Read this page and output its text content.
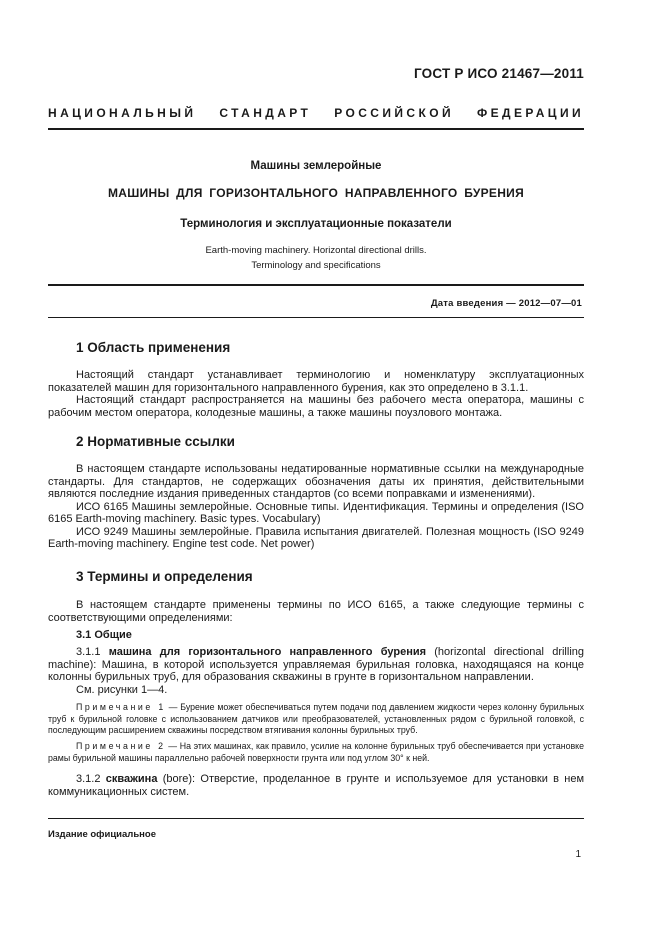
ГОСТ Р ИСО 21467—2011
НАЦИОНАЛЬНЫЙ СТАНДАРТ РОССИЙСКОЙ ФЕДЕРАЦИИ
Машины землеройные
МАШИНЫ ДЛЯ ГОРИЗОНТАЛЬНОГО НАПРАВЛЕННОГО БУРЕНИЯ
Терминология и эксплуатационные показатели
Earth-moving machinery. Horizontal directional drills.
Terminology and specifications
Дата введения — 2012—07—01
1 Область применения

Настоящий стандарт устанавливает терминологию и номенклатуру эксплуатационных показателей машин для горизонтального направленного бурения, как это определено в 3.1.1.

Настоящий стандарт распространяется на машины без рабочего места оператора, машины с рабочим местом оператора, колодезные машины, а также машины поузлового монтажа.

2 Нормативные ссылки

В настоящем стандарте использованы недатированные нормативные ссылки на международные стандарты. Для стандартов, не содержащих обозначения даты их принятия, действительными являются последние издания приведенных стандартов (со всеми поправками и изменениями).

ИСО 6165 Машины землеройные. Основные типы. Идентификация. Термины и определения (ISO 6165 Earth-moving machinery. Basic types. Vocabulary)

ИСО 9249 Машины землеройные. Правила испытания двигателей. Полезная мощность (ISO 9249 Earth-moving machinery. Engine test code. Net power)

3 Термины и определения

В настоящем стандарте применены термины по ИСО 6165, а также следующие термины с соответствующими определениями:

3.1 Общие

3.1.1 машина для горизонтального направленного бурения (horizontal directional drilling machine): Машина, в которой используется управляемая бурильная головка, находящаяся на конце колонны бурильных труб, для образования скважины в грунте в горизонтальном направлении.

См. рисунки 1—4.

Примечание 1 — Бурение может обеспечиваться путем подачи под давлением жидкости через колонну бурильных труб к бурильной головке с использованием датчиков или преобразователей, установленных рядом с бурильной головкой, с последующим расширением скважины посредством втягивания колонны бурильных труб.

Примечание 2 — На этих машинах, как правило, усилие на колонне бурильных труб обеспечивается при установке рамы бурильной машины параллельно рабочей поверхности грунта или под углом 30° к ней.

3.1.2 скважина (bore): Отверстие, проделанное в грунте и используемое для установки в нем коммуникационных систем.

Издание официальное
1
